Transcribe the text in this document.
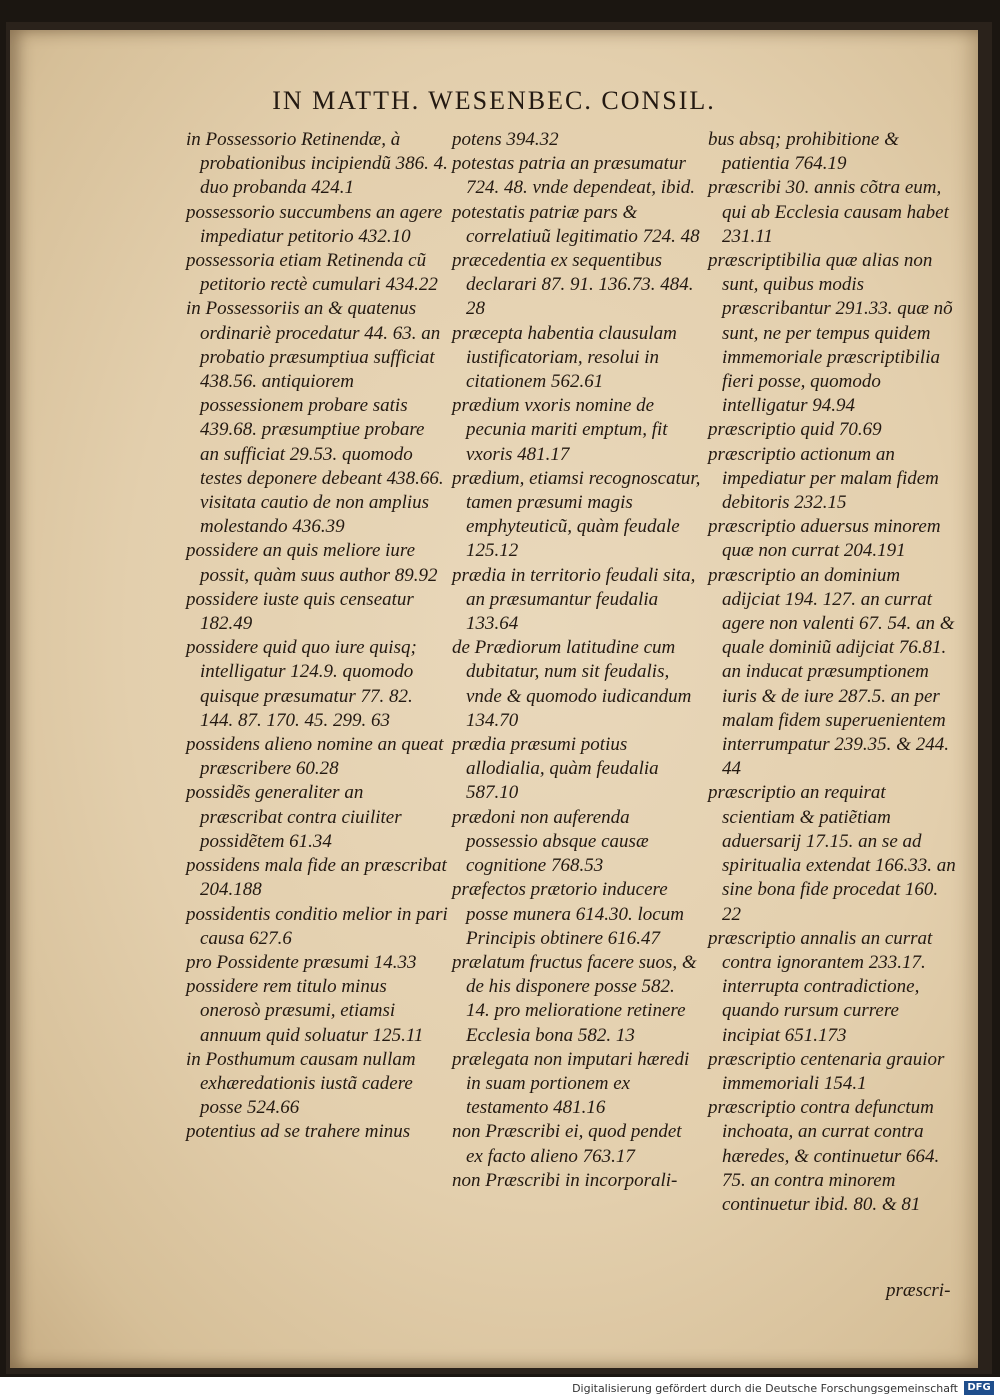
IN MATTH. WESENBEC. CONSIL.

in Possessorio Retinendæ, à probationibus incipiendũ 386. 4. duo probanda 424.1

possessorio succumbens an agere impediatur petitorio 432.10

possessoria etiam Retinenda cũ petitorio rectè cumulari 434.22

in Possessoriis an & quatenus ordinariè procedatur 44. 63. an probatio præsumptiua sufficiat 438.56. antiquiorem possessionem probare satis 439.68. præsumptiue probare an sufficiat 29.53. quomodo testes deponere debeant 438.66. visitata cautio de non amplius molestando 436.39

possidere an quis meliore iure possit, quàm suus author 89.92

possidere iuste quis censeatur 182.49

possidere quid quo iure quisq; intelligatur 124.9. quomodo quisque præsumatur 77. 82. 144. 87. 170. 45. 299. 63

possidens alieno nomine an queat præscribere 60.28

possidẽs generaliter an præscribat contra ciuiliter possidẽtem 61.34

possidens mala fide an præscribat 204.188

possidentis conditio melior in pari causa 627.6

pro Possidente præsumi 14.33

possidere rem titulo minus onerosò præsumi, etiamsi annuum quid soluatur 125.11

in Posthumum causam nullam exhæredationis iustã cadere posse 524.66

potentius ad se trahere minus

potens 394.32

potestas patria an præsumatur 724. 48. vnde dependeat, ibid.

potestatis patriæ pars & correlatiuũ legitimatio 724. 48

præcedentia ex sequentibus declarari 87. 91. 136.73. 484. 28

præcepta habentia clausulam iustificatoriam, resolui in citationem 562.61

prædium vxoris nomine de pecunia mariti emptum, fit vxoris 481.17

prædium, etiamsi recognoscatur, tamen præsumi magis emphyteuticũ, quàm feudale 125.12

prædia in territorio feudali sita, an præsumantur feudalia 133.64

de Prædiorum latitudine cum dubitatur, num sit feudalis, vnde & quomodo iudicandum 134.70

prædia præsumi potius allodialia, quàm feudalia 587.10

prædoni non auferenda possessio absque causæ cognitione 768.53

præfectos prætorio inducere posse munera 614.30. locum Principis obtinere 616.47

prælatum fructus facere suos, & de his disponere posse 582. 14. pro melioratione retinere Ecclesia bona 582. 13

prælegata non imputari hæredi in suam portionem ex testamento 481.16

non Præscribi ei, quod pendet ex facto alieno 763.17

non Præscribi in incorporali-

bus absq; prohibitione & patientia 764.19

præscribi 30. annis cõtra eum, qui ab Ecclesia causam habet 231.11

præscriptibilia quæ alias non sunt, quibus modis præscribantur 291.33. quæ nõ sunt, ne per tempus quidem immemoriale præscriptibilia fieri posse, quomodo intelligatur 94.94

præscriptio quid 70.69

præscriptio actionum an impediatur per malam fidem debitoris 232.15

præscriptio aduersus minorem quæ non currat 204.191

præscriptio an dominium adijciat 194. 127. an currat agere non valenti 67. 54. an & quale dominiũ adijciat 76.81. an inducat præsumptionem iuris & de iure 287.5. an per malam fidem superuenientem interrumpatur 239.35. & 244. 44

præscriptio an requirat scientiam & patiẽtiam aduersarij 17.15. an se ad spiritualia extendat 166.33. an sine bona fide procedat 160. 22

præscriptio annalis an currat contra ignorantem 233.17. interrupta contradictione, quando rursum currere incipiat 651.173

præscriptio centenaria grauior immemoriali 154.1

præscriptio contra defunctum inchoata, an currat contra hæredes, & continuetur 664. 75. an contra minorem continuetur ibid. 80. & 81

præscri-
Digitalisierung gefördert durch die Deutsche Forschungsgemeinschaft DFG
